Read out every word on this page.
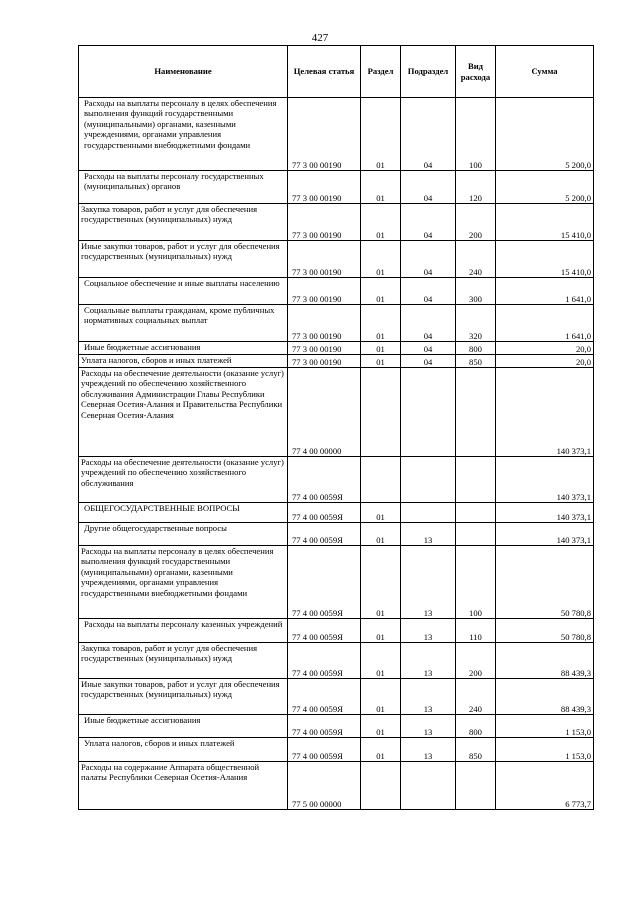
427
Наименование	Целевая статья	Раздел	Подраздел	Вид расхода	Сумма
Расходы на выплаты персоналу в целях обеспечения выполнения функций государственными (муниципальными) органами, казенными учреждениями, органами управления государственными внебюджетными фондами	77 3 00 00190	01	04	100	5 200,0
Расходы на выплаты персоналу государственных (муниципальных) органов	77 3 00 00190	01	04	120	5 200,0
Закупка товаров, работ и услуг для обеспечения государственных (муниципальных) нужд	77 3 00 00190	01	04	200	15 410,0
Иные закупки товаров, работ и услуг для обеспечения государственных (муниципальных) нужд	77 3 00 00190	01	04	240	15 410,0
Социальное обеспечение и иные выплаты населению	77 3 00 00190	01	04	300	1 641,0
Социальные выплаты гражданам, кроме публичных нормативных социальных выплат	77 3 00 00190	01	04	320	1 641,0
Иные бюджетные ассигнования	77 3 00 00190	01	04	800	20,0
Уплата налогов, сборов и иных платежей	77 3 00 00190	01	04	850	20,0
Расходы на обеспечение деятельности (оказание услуг) учреждений по обеспечению хозяйственного обслуживания Администрации Главы Республики Северная Осетия-Алания и Правительства Республики Северная Осетия-Алания	77 4 00 00000				140 373,1
Расходы на обеспечение деятельности (оказание услуг) учреждений по обеспечению хозяйственного обслуживания	77 4 00 0059Я				140 373,1
ОБЩЕГОСУДАРСТВЕННЫЕ ВОПРОСЫ	77 4 00 0059Я	01			140 373,1
Другие общегосударственные вопросы	77 4 00 0059Я	01	13		140 373,1
Расходы на выплаты персоналу в целях обеспечения выполнения функций государственными (муниципальными) органами, казенными учреждениями, органами управления государственными внебюджетными фондами	77 4 00 0059Я	01	13	100	50 780,8
Расходы на выплаты персоналу казенных учреждений	77 4 00 0059Я	01	13	110	50 780,8
Закупка товаров, работ и услуг для обеспечения государственных (муниципальных) нужд	77 4 00 0059Я	01	13	200	88 439,3
Иные закупки товаров, работ и услуг для обеспечения государственных (муниципальных) нужд	77 4 00 0059Я	01	13	240	88 439,3
Иные бюджетные ассигнования	77 4 00 0059Я	01	13	800	1 153,0
Уплата налогов, сборов и иных платежей	77 4 00 0059Я	01	13	850	1 153,0
Расходы на содержание Аппарата общественной палаты Республики Северная Осетия-Алания	77 5 00 00000				6 773,7
